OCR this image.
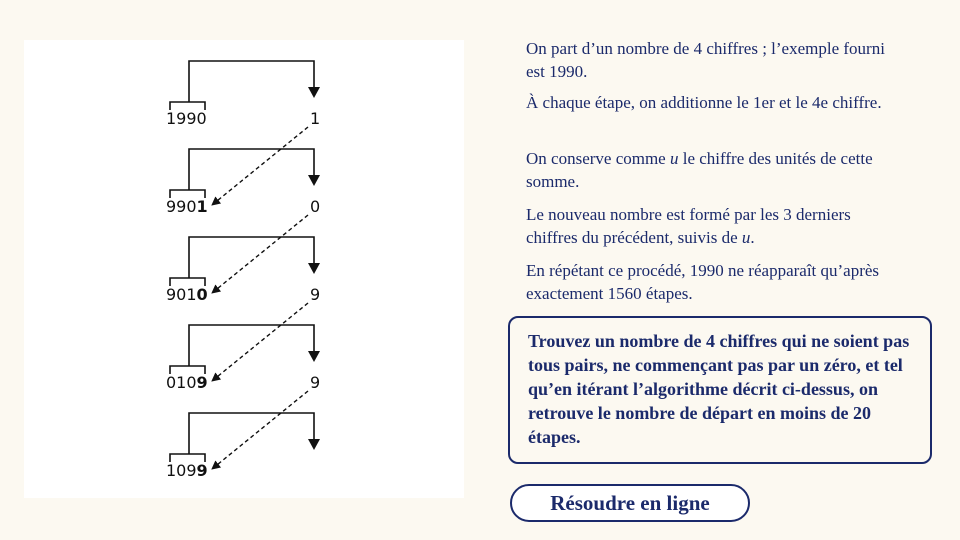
1990	1
9901	0
9010	9
0109	9
1099

On part d’un nombre de 4 chiffres ; l’exemple fourni est 1990.

À chaque étape, on additionne le 1er et le 4e chiffre.

On conserve comme u le chiffre des unités de cette somme.

Le nouveau nombre est formé par les 3 derniers chiffres du précédent, suivis de u.

En répétant ce procédé, 1990 ne réapparaît qu’après exactement 1560 étapes.

Trouvez un nombre de 4 chiffres qui ne soient pas tous pairs, ne commençant pas par un zéro, et tel qu’en itérant l’algorithme décrit ci-dessus, on retrouve le nombre de départ en moins de 20 étapes.
Résoudre en ligne
